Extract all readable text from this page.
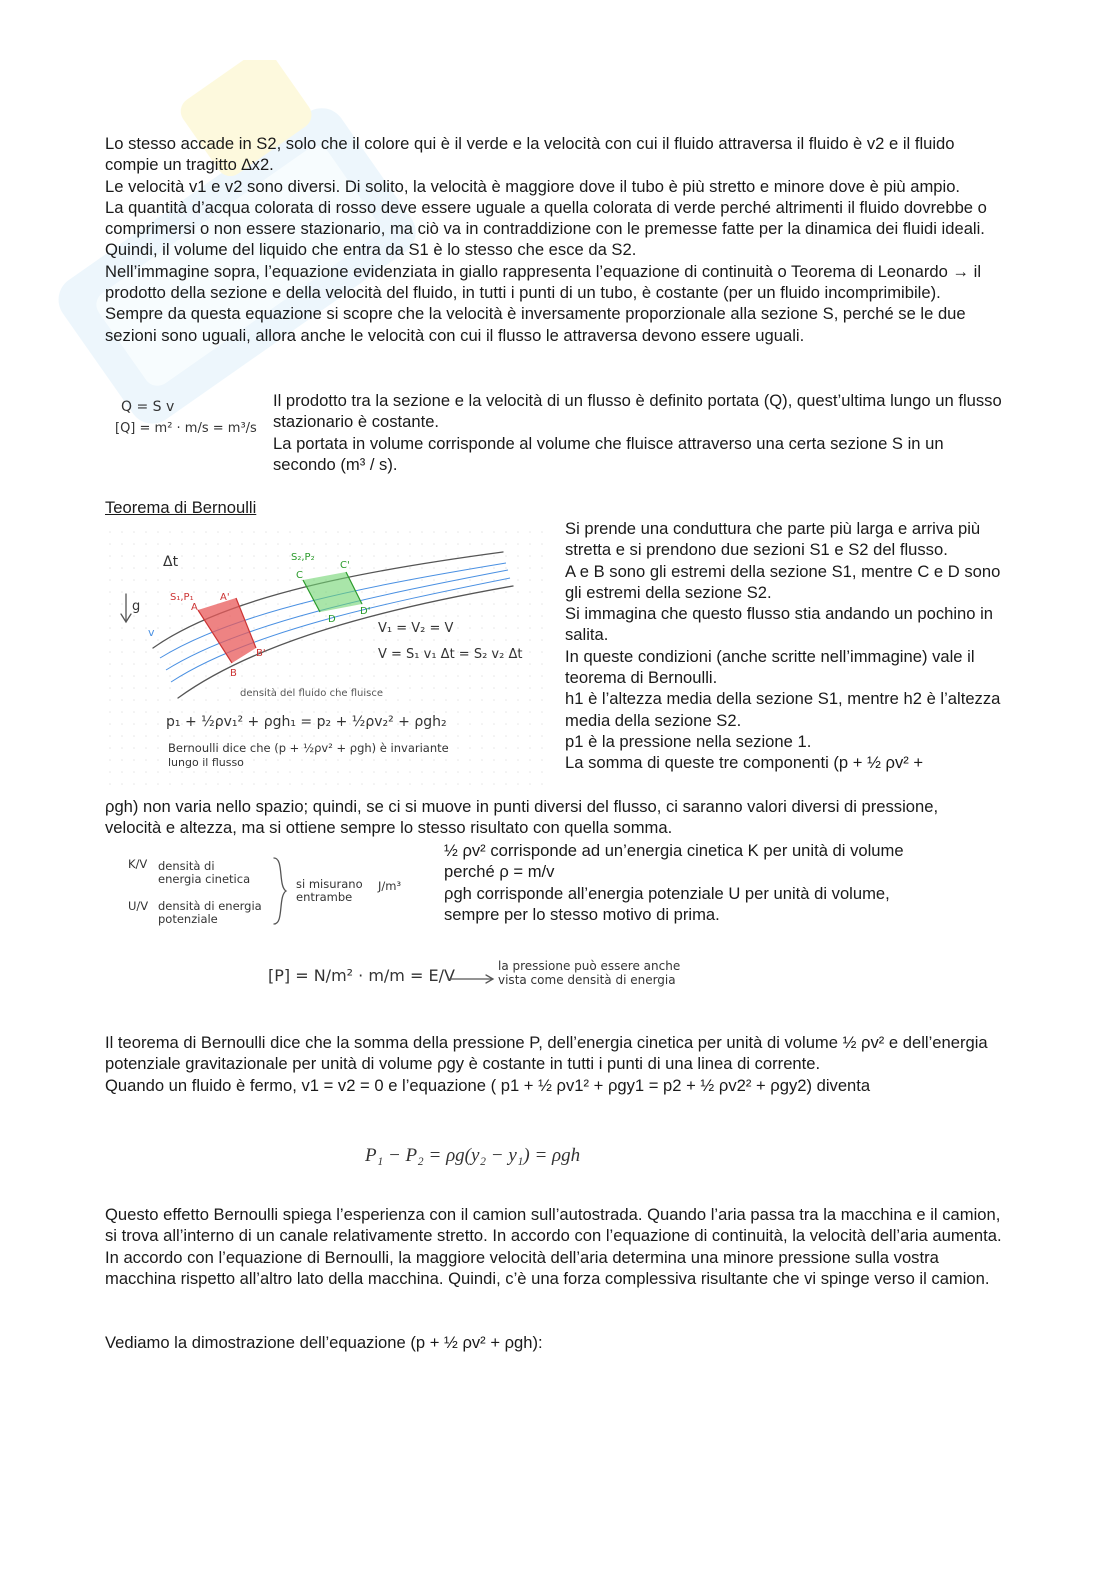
Lo stesso accade in S2, solo che il colore qui è il verde e la velocità con cui il fluido attraversa il fluido è v2 e il fluido compie un tragitto ∆x2.

Le velocità v1 e v2 sono diversi. Di solito, la velocità è maggiore dove il tubo è più stretto e minore dove è più ampio.

La quantità d’acqua colorata di rosso deve essere uguale a quella colorata di verde perché altrimenti il fluido dovrebbe o comprimersi o non essere stazionario, ma ciò va in contraddizione con le premesse fatte per la dinamica dei fluidi ideali. Quindi, il volume del liquido che entra da S1 è lo stesso che esce da S2.

Nell’immagine sopra, l’equazione evidenziata in giallo rappresenta l’equazione di continuità o Teorema di Leonardo → il prodotto della sezione e della velocità del fluido, in tutti i punti di un tubo, è costante (per un fluido incomprimibile).

Sempre da questa equazione si scopre che la velocità è inversamente proporzionale alla sezione S, perché se le due sezioni sono uguali, allora anche le velocità con cui il flusso le attraversa devono essere uguali.

Q = S v
[Q] = m² · m/s = m³/s

Il prodotto tra la sezione e la velocità di un flusso è definito portata (Q), quest’ultima lungo un flusso stazionario è costante.

La portata in volume corrisponde al volume che fluisce attraverso una certa sezione S in un secondo (m³ / s).

Teorema di Bernoulli
Δt
g
S₁,P₁
S₂,P₂
A
A'
B
B'
C
C'
D
D'
v	V₁ = V₂ = V
V = S₁ v₁ Δt = S₂ v₂ Δt
densità del fluido che fluisce
p₁ + ½ρv₁² + ρgh₁ = p₂ + ½ρv₂² + ρgh₂
Bernoulli dice che (p + ½ρv² + ρgh) è invariante
lungo il flusso

Si prende una conduttura che parte più larga e arriva più stretta e si prendono due sezioni S1 e S2 del flusso.

A e B sono gli estremi della sezione S1, mentre C e D sono gli estremi della sezione S2.

Si immagina che questo flusso stia andando un pochino in salita.

In queste condizioni (anche scritte nell’immagine) vale il teorema di Bernoulli.

h1 è l’altezza media della sezione S1, mentre h2 è l’altezza media della sezione S2.

p1 è la pressione nella sezione 1.

La somma di queste tre componenti (p + ½ ρv² +

ρgh) non varia nello spazio; quindi, se ci si muove in punti diversi del flusso, ci saranno valori diversi di pressione, velocità e altezza, ma si ottiene sempre lo stesso risultato con quella somma.
K/V densità di energia cinetica
U/V densità di energia potenziale
si misurano entrambe
J/m³

½ ρv² corrisponde ad un’energia cinetica K per unità di volume

perché ρ = m/v

ρgh corrisponde all’energia potenziale U per unità di volume,

sempre per lo stesso motivo di prima.

[P] = N/m² · m/m = E/V	la pressione può essere anche
vista come densità di energia

Il teorema di Bernoulli dice che la somma della pressione P, dell’energia cinetica per unità di volume ½ ρv² e dell’energia potenziale gravitazionale per unità di volume ρgy è costante in tutti i punti di una linea di corrente.

Quando un fluido è fermo, v1 = v2 = 0 e l’equazione ( p1 + ½ ρv1² + ρgy1 = p2 + ½ ρv2² + ρgy2) diventa

P₁ − P₂ = ρg(y₂ − y₁) = ρgh
Questo effetto Bernoulli spiega l’esperienza con il camion sull’autostrada. Quando l’aria passa tra la macchina e il camion, si trova all’interno di un canale relativamente stretto. In accordo con l’equazione di continuità, la velocità dell’aria aumenta. In accordo con l’equazione di Bernoulli, la maggiore velocità dell’aria determina una minore pressione sulla vostra macchina rispetto all’altro lato della macchina. Quindi, c’è una forza complessiva risultante che vi spinge verso il camion.
Vediamo la dimostrazione dell’equazione (p + ½ ρv² + ρgh):
